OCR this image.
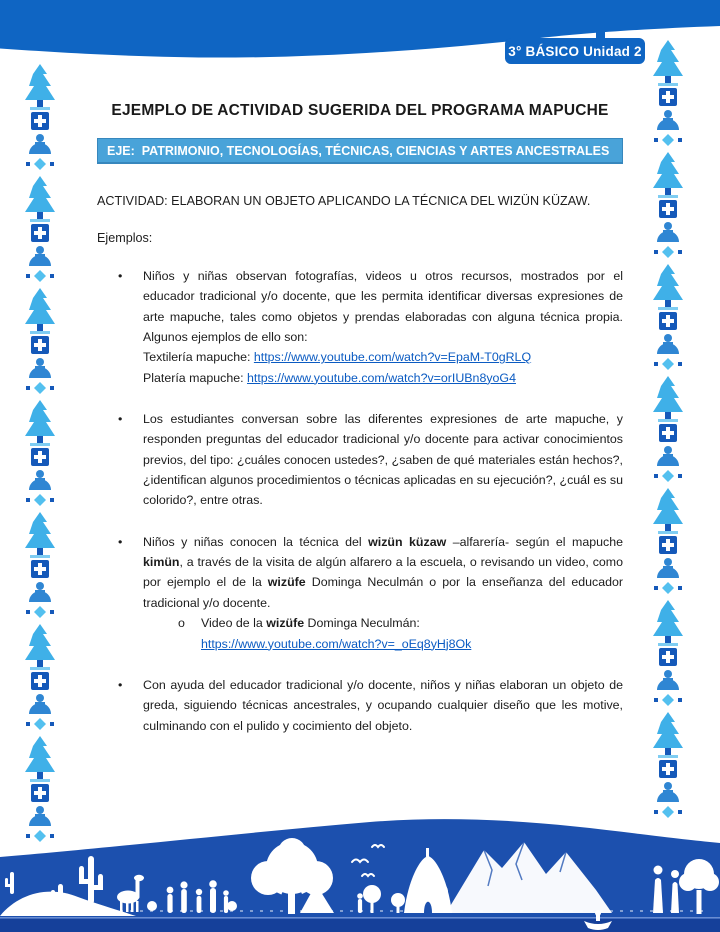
3° BÁSICO Unidad 2
EJEMPLO DE ACTIVIDAD SUGERIDA DEL PROGRAMA MAPUCHE
EJE:  PATRIMONIO, TECNOLOGÍAS, TÉCNICAS, CIENCIAS Y ARTES ANCESTRALES

ACTIVIDAD: ELABORAN UN OBJETO APLICANDO LA TÉCNICA DEL WIZÜN KÜZAW.

Ejemplos:

• Niños y niñas observan fotografías, videos u otros recursos, mostrados por el educador tradicional y/o docente, que les permita identificar diversas expresiones de arte mapuche, tales como objetos y prendas elaboradas con alguna técnica propia. Algunos ejemplos de ello son:
Textilería mapuche: https://www.youtube.com/watch?v=EpaM-T0gRLQ
Platería mapuche: https://www.youtube.com/watch?v=orIUBn8yoG4
• Los estudiantes conversan sobre las diferentes expresiones de arte mapuche, y responden preguntas del educador tradicional y/o docente para activar conocimientos previos, del tipo: ¿cuáles conocen ustedes?, ¿saben de qué materiales están hechos?, ¿identifican algunos procedimientos o técnicas aplicadas en su ejecución?, ¿cuál es su colorido?, entre otras.
• Niños y niñas conocen la técnica del wizün küzaw –alfarería- según el mapuche kimün, a través de la visita de algún alfarero a la escuela, o revisando un video, como por ejemplo el de la wizüfe Dominga Neculmán o por la enseñanza del educador tradicional y/o docente.
o Video de la wizüfe Dominga Neculmán:
https://www.youtube.com/watch?v=_oEq8yHj8Ok
• Con ayuda del educador tradicional y/o docente, niños y niñas elaboran un objeto de greda, siguiendo técnicas ancestrales, y ocupando cualquier diseño que les motive, culminando con el pulido y cocimiento del objeto.
